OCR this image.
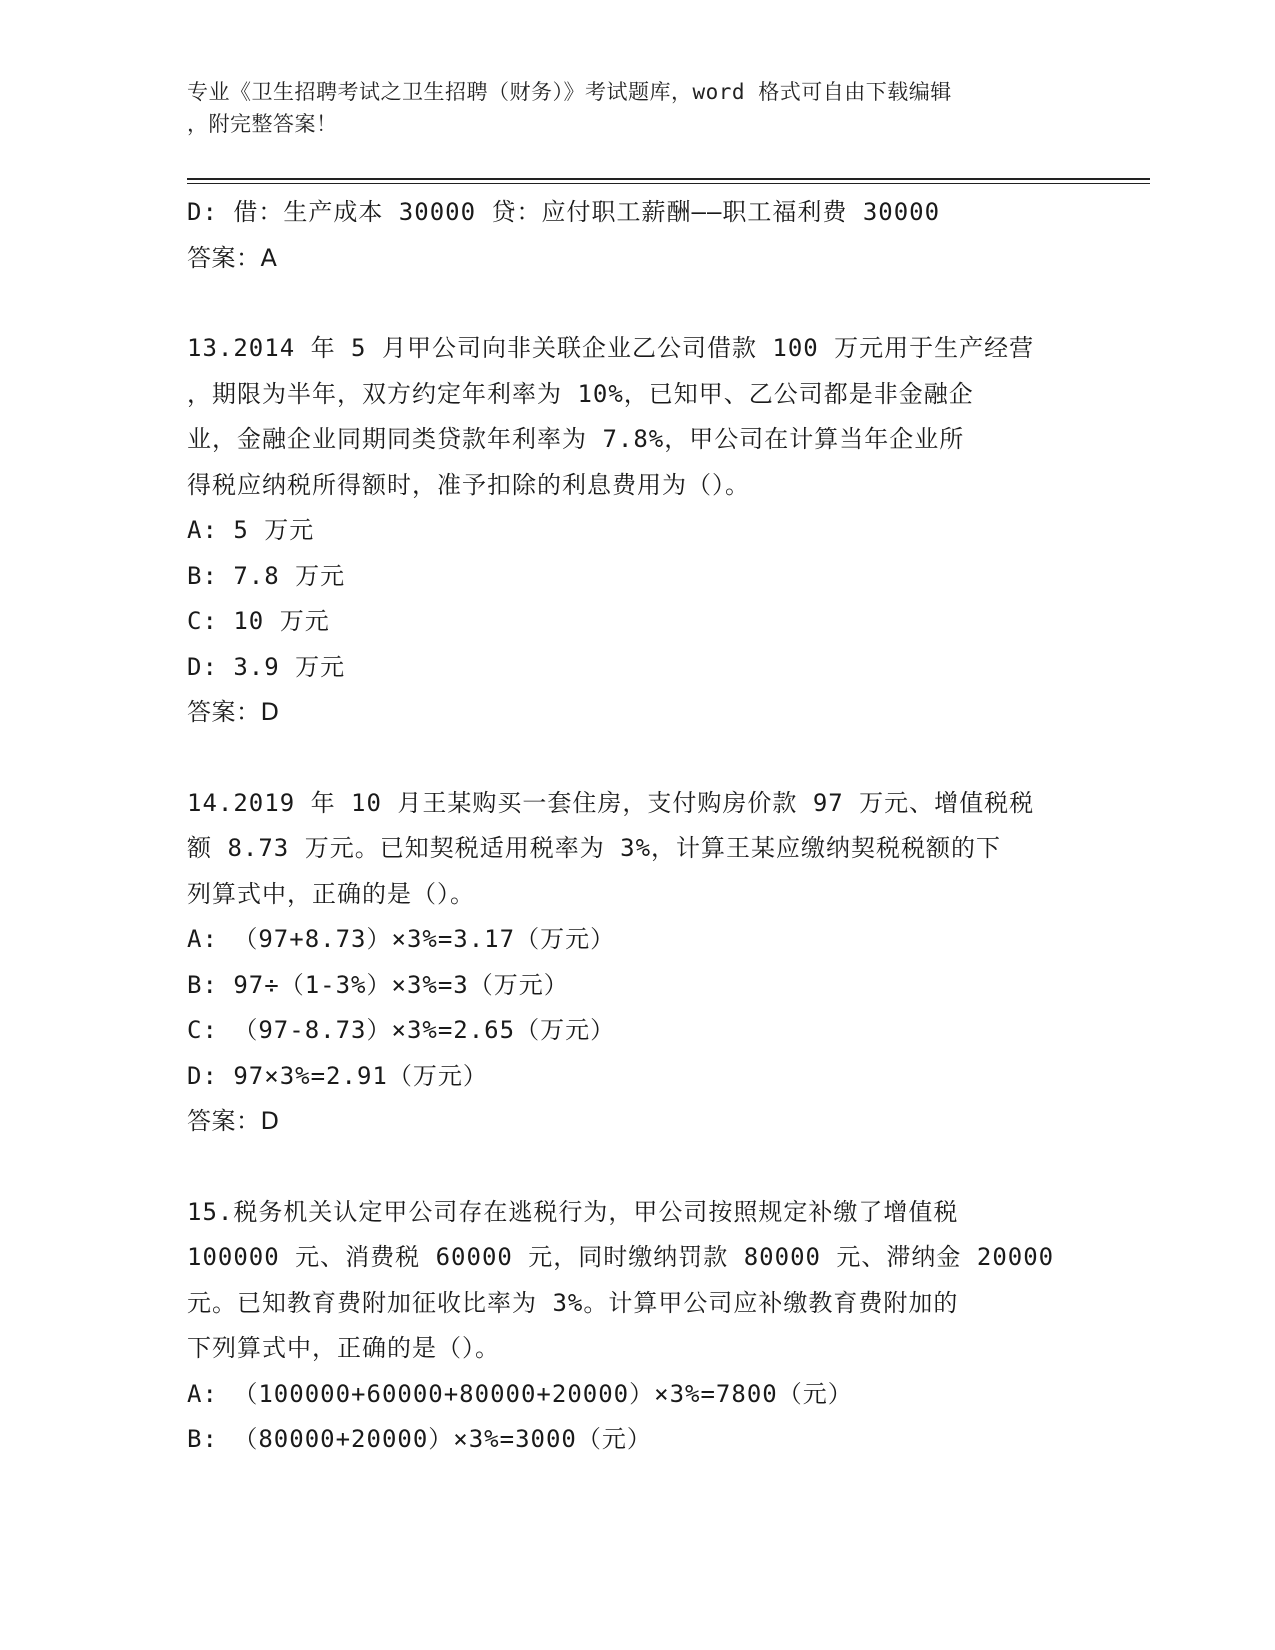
专业《卫生招聘考试之卫生招聘（财务）》考试题库，word 格式可自由下载编辑
，附完整答案！
D: 借：生产成本 30000 贷：应付职工薪酬——职工福利费 30000
答案：A
13.2014 年 5 月甲公司向非关联企业乙公司借款 100 万元用于生产经营
，期限为半年，双方约定年利率为 10%，已知甲、乙公司都是非金融企
业，金融企业同期同类贷款年利率为 7.8%，甲公司在计算当年企业所
得税应纳税所得额时，准予扣除的利息费用为（）。
A: 5 万元
B: 7.8 万元
C: 10 万元
D: 3.9 万元
答案：D
14.2019 年 10 月王某购买一套住房，支付购房价款 97 万元、增值税税
额 8.73 万元。已知契税适用税率为 3%，计算王某应缴纳契税税额的下
列算式中，正确的是（）。
A: （97+8.73）×3%=3.17（万元）
B: 97÷（1-3%）×3%=3（万元）
C: （97-8.73）×3%=2.65（万元）
D: 97×3%=2.91（万元）
答案：D
15.税务机关认定甲公司存在逃税行为，甲公司按照规定补缴了增值税
100000 元、消费税 60000 元，同时缴纳罚款 80000 元、滞纳金 20000
元。已知教育费附加征收比率为 3%。计算甲公司应补缴教育费附加的
下列算式中，正确的是（）。
A: （100000+60000+80000+20000）×3%=7800（元）
B: （80000+20000）×3%=3000（元）
